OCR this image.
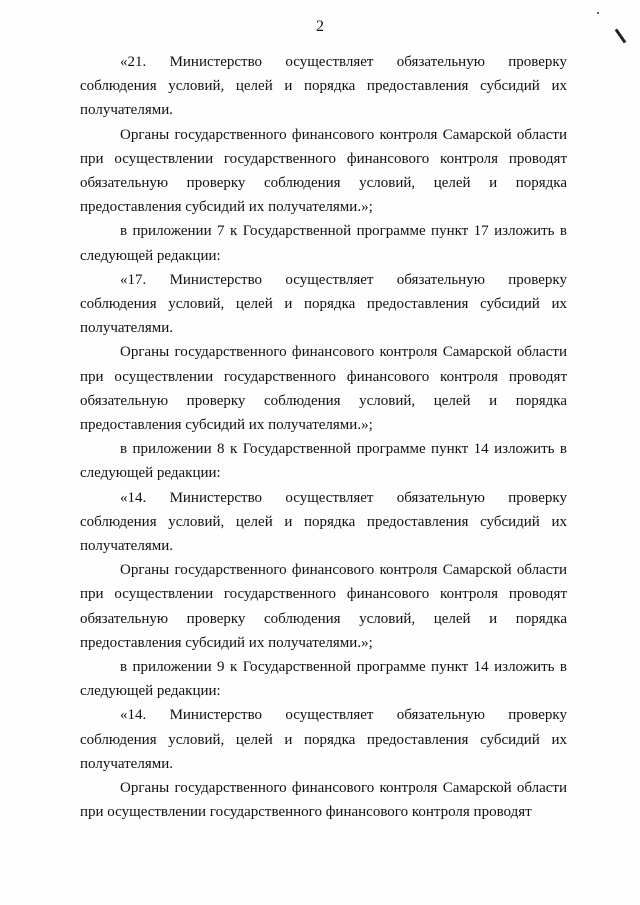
2

«21. Министерство осуществляет обязательную проверку соблюдения условий, целей и порядка предоставления субсидий их получателями.

Органы государственного финансового контроля Самарской области при осуществлении государственного финансового контроля проводят обязательную проверку соблюдения условий, целей и порядка предоставления субсидий их получателями.»;

в приложении 7 к Государственной программе пункт 17 изложить в следующей редакции:

«17. Министерство осуществляет обязательную проверку соблюдения условий, целей и порядка предоставления субсидий их получателями.

Органы государственного финансового контроля Самарской области при осуществлении государственного финансового контроля проводят обязательную проверку соблюдения условий, целей и порядка предоставления субсидий их получателями.»;

в приложении 8 к Государственной программе пункт 14 изложить в следующей редакции:

«14. Министерство осуществляет обязательную проверку соблюдения условий, целей и порядка предоставления субсидий их получателями.

Органы государственного финансового контроля Самарской области при осуществлении государственного финансового контроля проводят обязательную проверку соблюдения условий, целей и порядка предоставления субсидий их получателями.»;

в приложении 9 к Государственной программе пункт 14 изложить в следующей редакции:

«14. Министерство осуществляет обязательную проверку соблюдения условий, целей и порядка предоставления субсидий их получателями.

Органы государственного финансового контроля Самарской области при осуществлении государственного финансового контроля проводят
